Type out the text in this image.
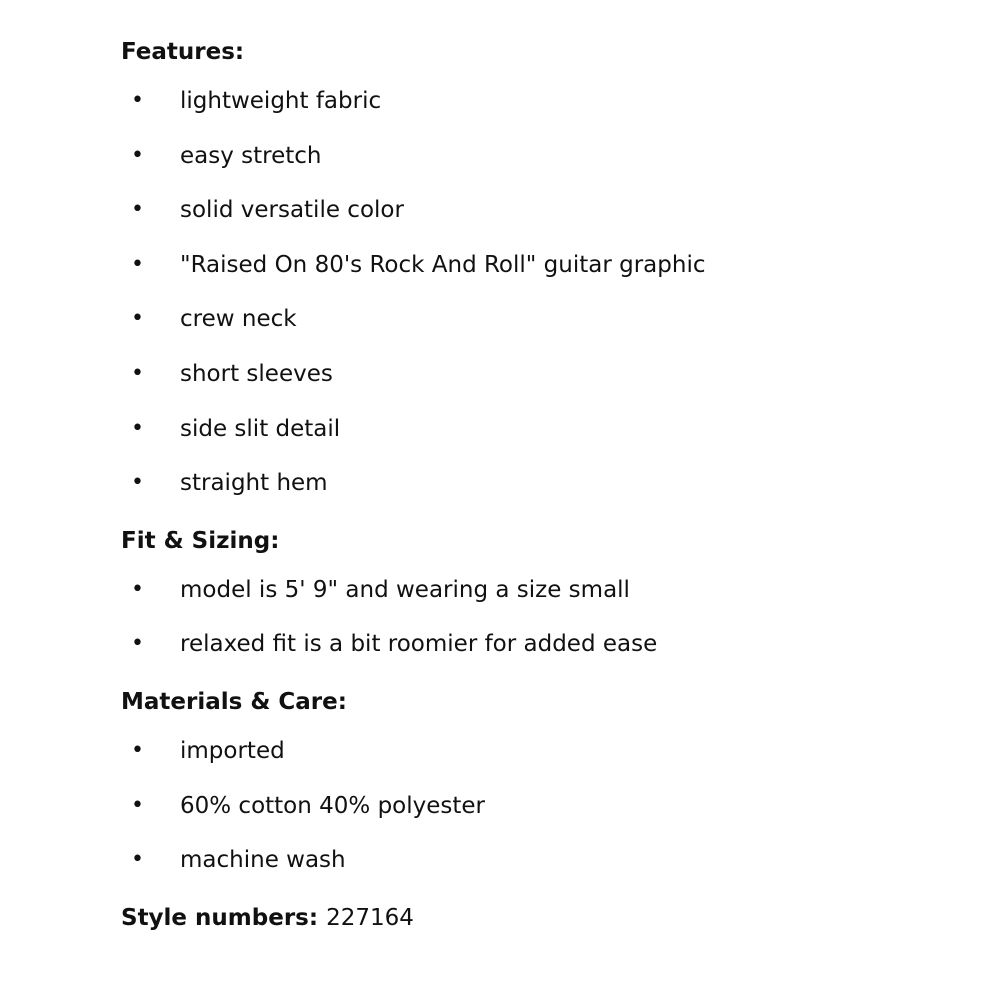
Features:
• lightweight fabric
• easy stretch
• solid versatile color
• "Raised On 80's Rock And Roll" guitar graphic
• crew neck
• short sleeves
• side slit detail
• straight hem
Fit & Sizing:
• model is 5' 9" and wearing a size small
• relaxed fit is a bit roomier for added ease
Materials & Care:
• imported
• 60% cotton 40% polyester
• machine wash
Style numbers: 227164
